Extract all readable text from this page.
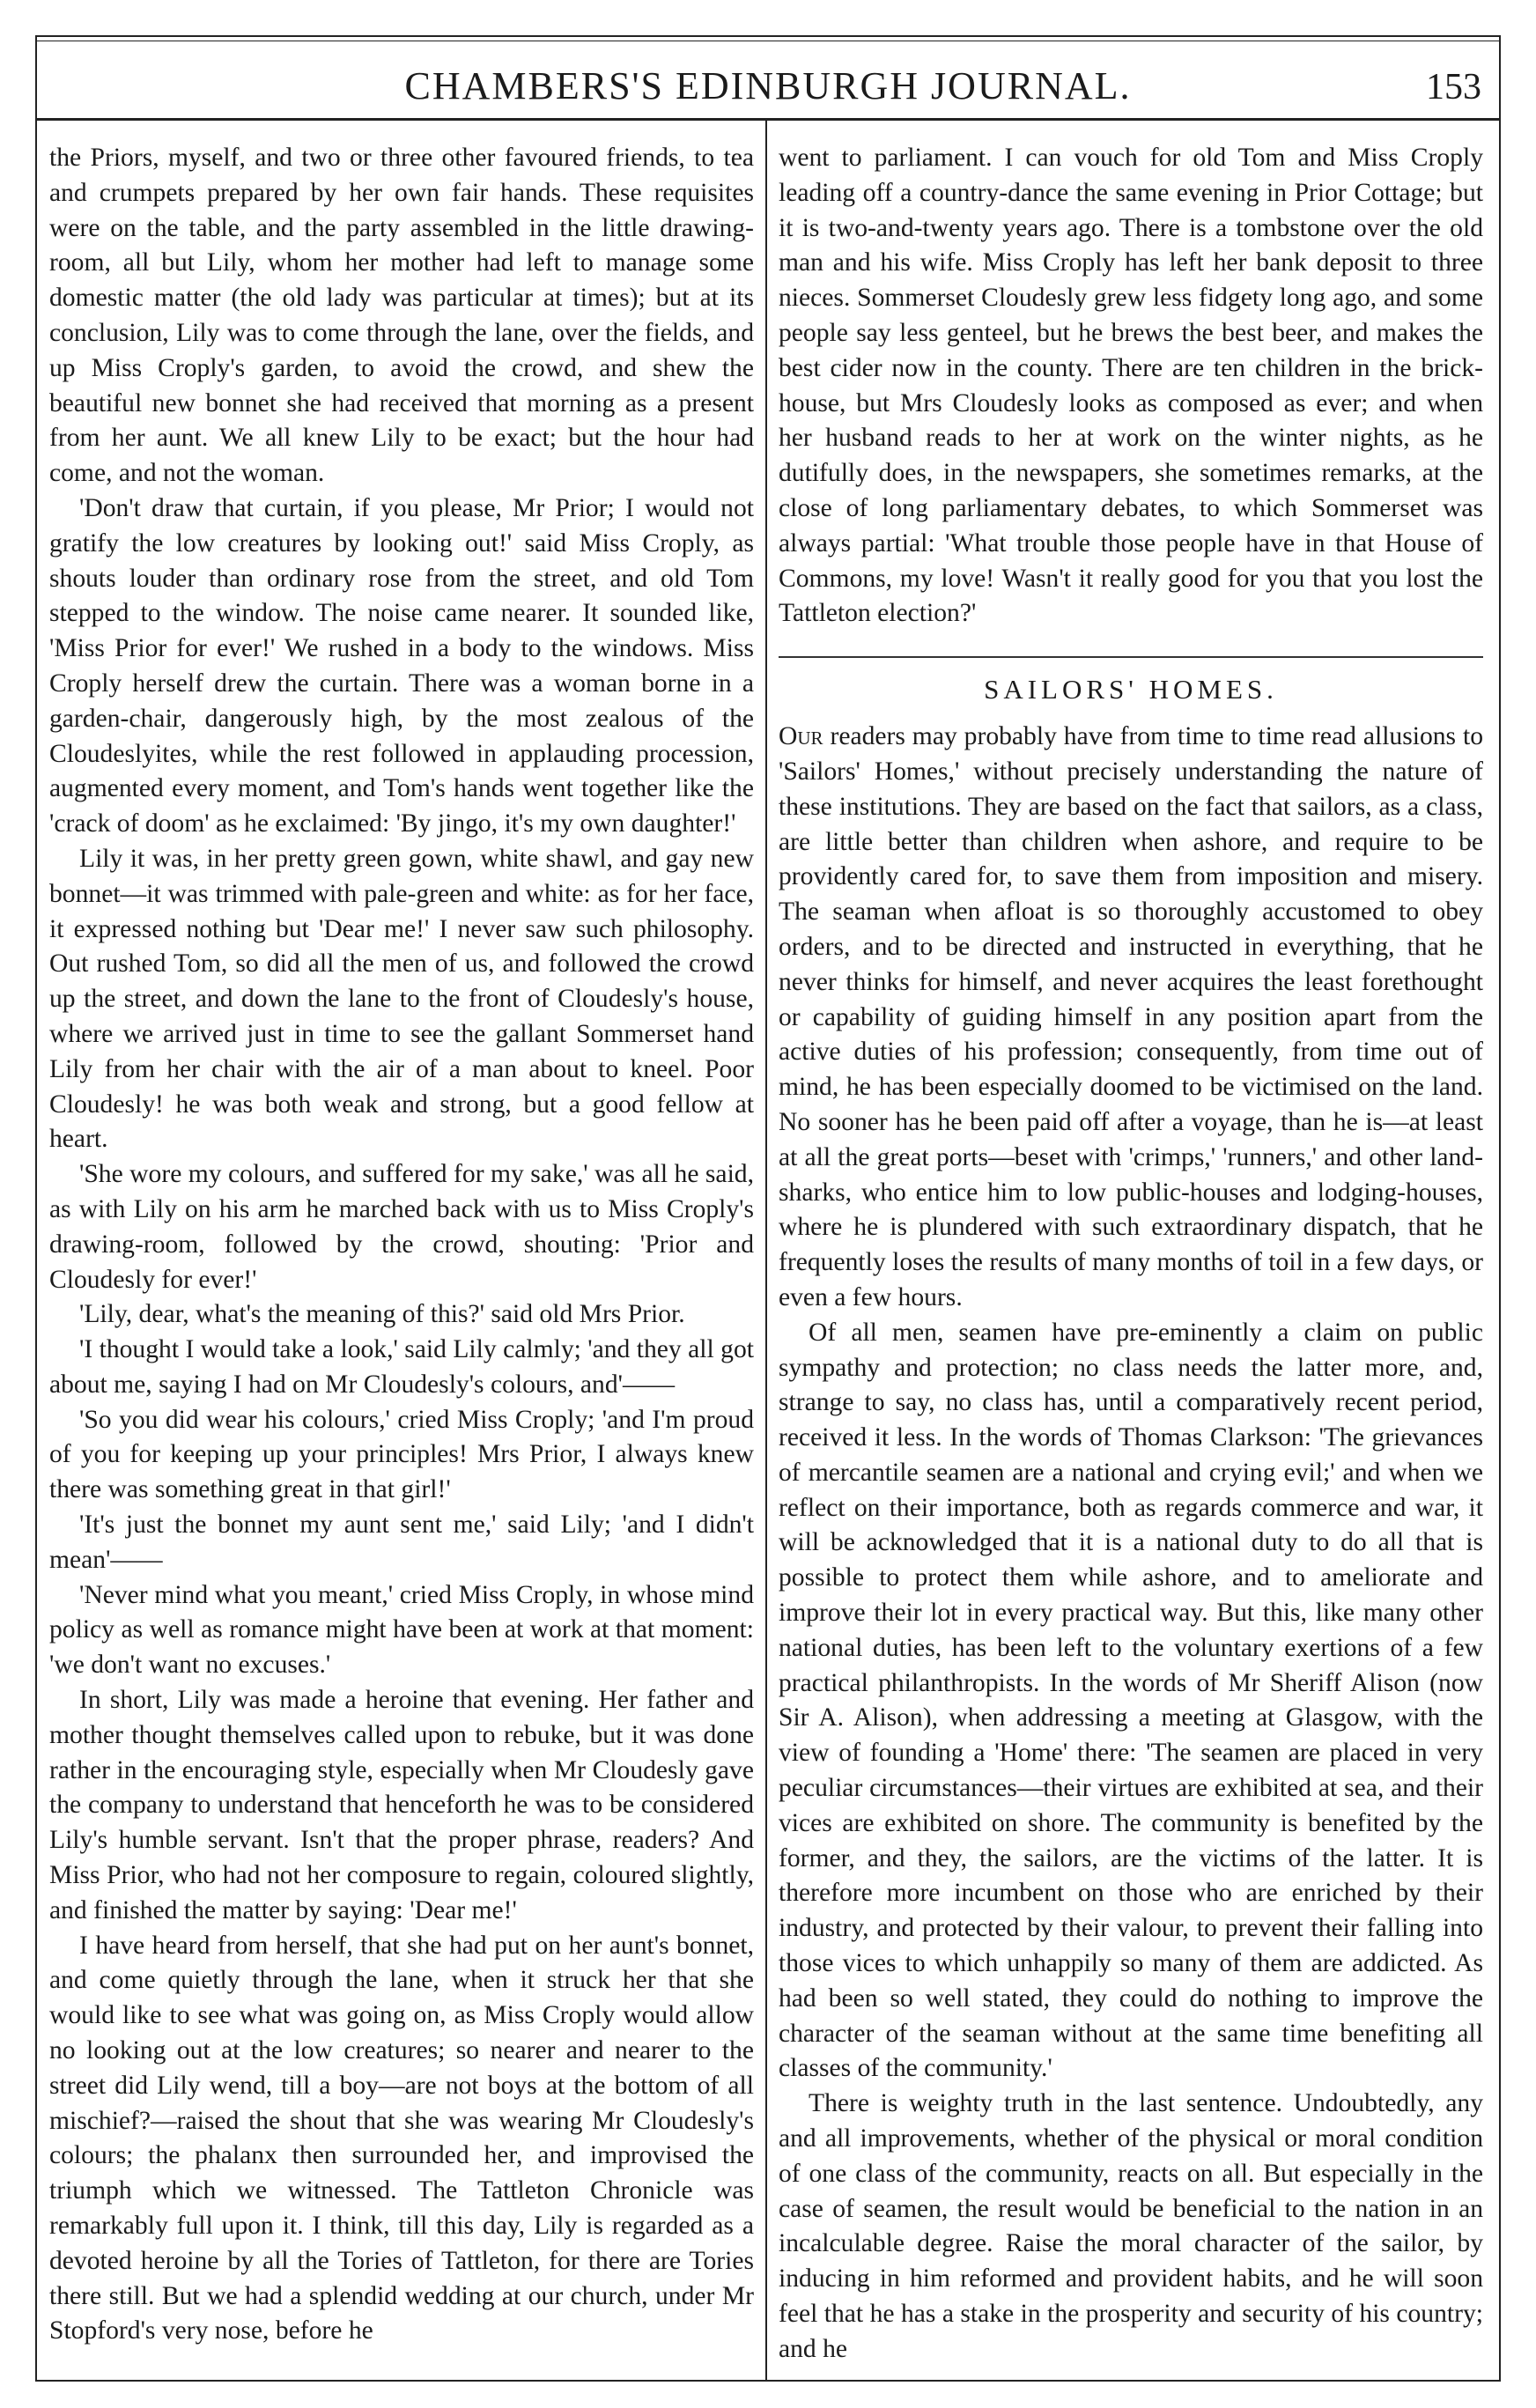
CHAMBERS'S EDINBURGH JOURNAL.	153

the Priors, myself, and two or three other favoured friends, to tea and crumpets prepared by her own fair hands. These requisites were on the table, and the party assembled in the little drawing-room, all but Lily, whom her mother had left to manage some domestic matter (the old lady was particular at times); but at its conclusion, Lily was to come through the lane, over the fields, and up Miss Croply's garden, to avoid the crowd, and shew the beautiful new bonnet she had received that morning as a present from her aunt. We all knew Lily to be exact; but the hour had come, and not the woman.

'Don't draw that curtain, if you please, Mr Prior; I would not gratify the low creatures by looking out!' said Miss Croply, as shouts louder than ordinary rose from the street, and old Tom stepped to the window. The noise came nearer. It sounded like, 'Miss Prior for ever!' We rushed in a body to the windows. Miss Croply herself drew the curtain. There was a woman borne in a garden-chair, dangerously high, by the most zealous of the Cloudeslyites, while the rest followed in applauding procession, augmented every moment, and Tom's hands went together like the 'crack of doom' as he exclaimed: 'By jingo, it's my own daughter!'

Lily it was, in her pretty green gown, white shawl, and gay new bonnet—it was trimmed with pale-green and white: as for her face, it expressed nothing but 'Dear me!' I never saw such philosophy. Out rushed Tom, so did all the men of us, and followed the crowd up the street, and down the lane to the front of Cloudesly's house, where we arrived just in time to see the gallant Sommerset hand Lily from her chair with the air of a man about to kneel. Poor Cloudesly! he was both weak and strong, but a good fellow at heart.

'She wore my colours, and suffered for my sake,' was all he said, as with Lily on his arm he marched back with us to Miss Croply's drawing-room, followed by the crowd, shouting: 'Prior and Cloudesly for ever!'

'Lily, dear, what's the meaning of this?' said old Mrs Prior.

'I thought I would take a look,' said Lily calmly; 'and they all got about me, saying I had on Mr Cloudesly's colours, and'——

'So you did wear his colours,' cried Miss Croply; 'and I'm proud of you for keeping up your principles! Mrs Prior, I always knew there was something great in that girl!'

'It's just the bonnet my aunt sent me,' said Lily; 'and I didn't mean'——

'Never mind what you meant,' cried Miss Croply, in whose mind policy as well as romance might have been at work at that moment: 'we don't want no excuses.'

In short, Lily was made a heroine that evening. Her father and mother thought themselves called upon to rebuke, but it was done rather in the encouraging style, especially when Mr Cloudesly gave the company to understand that henceforth he was to be considered Lily's humble servant. Isn't that the proper phrase, readers? And Miss Prior, who had not her composure to regain, coloured slightly, and finished the matter by saying: 'Dear me!'

I have heard from herself, that she had put on her aunt's bonnet, and come quietly through the lane, when it struck her that she would like to see what was going on, as Miss Croply would allow no looking out at the low creatures; so nearer and nearer to the street did Lily wend, till a boy—are not boys at the bottom of all mischief?—raised the shout that she was wearing Mr Cloudesly's colours; the phalanx then surrounded her, and improvised the triumph which we witnessed. The Tattleton Chronicle was remarkably full upon it. I think, till this day, Lily is regarded as a devoted heroine by all the Tories of Tattleton, for there are Tories there still. But we had a splendid wedding at our church, under Mr Stopford's very nose, before he

went to parliament. I can vouch for old Tom and Miss Croply leading off a country-dance the same evening in Prior Cottage; but it is two-and-twenty years ago. There is a tombstone over the old man and his wife. Miss Croply has left her bank deposit to three nieces. Sommerset Cloudesly grew less fidgety long ago, and some people say less genteel, but he brews the best beer, and makes the best cider now in the county. There are ten children in the brick-house, but Mrs Cloudesly looks as composed as ever; and when her husband reads to her at work on the winter nights, as he dutifully does, in the newspapers, she sometimes remarks, at the close of long parliamentary debates, to which Sommerset was always partial: 'What trouble those people have in that House of Commons, my love! Wasn't it really good for you that you lost the Tattleton election?'

SAILORS' HOMES.

Our readers may probably have from time to time read allusions to 'Sailors' Homes,' without precisely understanding the nature of these institutions. They are based on the fact that sailors, as a class, are little better than children when ashore, and require to be providently cared for, to save them from imposition and misery. The seaman when afloat is so thoroughly accustomed to obey orders, and to be directed and instructed in everything, that he never thinks for himself, and never acquires the least forethought or capability of guiding himself in any position apart from the active duties of his profession; consequently, from time out of mind, he has been especially doomed to be victimised on the land. No sooner has he been paid off after a voyage, than he is—at least at all the great ports—beset with 'crimps,' 'runners,' and other land-sharks, who entice him to low public-houses and lodging-houses, where he is plundered with such extraordinary dispatch, that he frequently loses the results of many months of toil in a few days, or even a few hours.

Of all men, seamen have pre-eminently a claim on public sympathy and protection; no class needs the latter more, and, strange to say, no class has, until a comparatively recent period, received it less. In the words of Thomas Clarkson: 'The grievances of mercantile seamen are a national and crying evil;' and when we reflect on their importance, both as regards commerce and war, it will be acknowledged that it is a national duty to do all that is possible to protect them while ashore, and to ameliorate and improve their lot in every practical way. But this, like many other national duties, has been left to the voluntary exertions of a few practical philanthropists. In the words of Mr Sheriff Alison (now Sir A. Alison), when addressing a meeting at Glasgow, with the view of founding a 'Home' there: 'The seamen are placed in very peculiar circumstances—their virtues are exhibited at sea, and their vices are exhibited on shore. The community is benefited by the former, and they, the sailors, are the victims of the latter. It is therefore more incumbent on those who are enriched by their industry, and protected by their valour, to prevent their falling into those vices to which unhappily so many of them are addicted. As had been so well stated, they could do nothing to improve the character of the seaman without at the same time benefiting all classes of the community.'

There is weighty truth in the last sentence. Undoubtedly, any and all improvements, whether of the physical or moral condition of one class of the community, reacts on all. But especially in the case of seamen, the result would be beneficial to the nation in an incalculable degree. Raise the moral character of the sailor, by inducing in him reformed and provident habits, and he will soon feel that he has a stake in the prosperity and security of his country; and he
